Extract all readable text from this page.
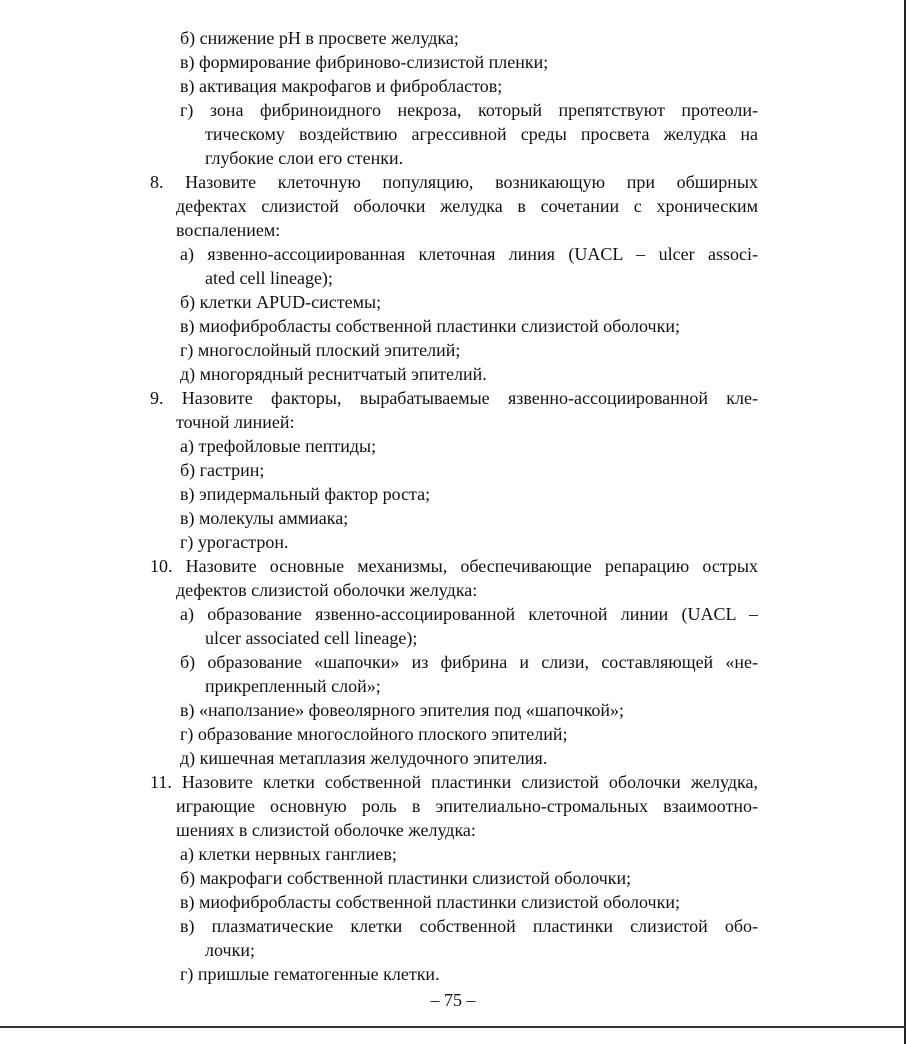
б) снижение рН в просвете желудка;
в) формирование фибриново-слизистой пленки;
в) активация макрофагов и фибробластов;
г) зона фибриноидного некроза, который препятствуют протеоли-
тическому воздействию агрессивной среды просвета желудка на
глубокие слои его стенки.
8. Назовите клеточную популяцию, возникающую при обширных
дефектах слизистой оболочки желудка в сочетании с хроническим
воспалением:
а) язвенно-ассоциированная клеточная линия (UACL – ulcer associ-
ated cell lineage);
б) клетки APUD-системы;
в) миофибробласты собственной пластинки слизистой оболочки;
г) многослойный плоский эпителий;
д) многорядный реснитчатый эпителий.
9. Назовите факторы, вырабатываемые язвенно-ассоциированной кле-
точной линией:
а) трефойловые пептиды;
б) гастрин;
в) эпидермальный фактор роста;
в) молекулы аммиака;
г) урогастрон.
10. Назовите основные механизмы, обеспечивающие репарацию острых
дефектов слизистой оболочки желудка:
а) образование язвенно-ассоциированной клеточной линии (UACL –
ulcer associated cell lineage);
б) образование «шапочки» из фибрина и слизи, составляющей «не-
прикрепленный слой»;
в) «наползание» фовеолярного эпителия под «шапочкой»;
г) образование многослойного плоского эпителий;
д) кишечная метаплазия желудочного эпителия.
11. Назовите клетки собственной пластинки слизистой оболочки желудка,
играющие основную роль в эпителиально-стромальных взаимоотно-
шениях в слизистой оболочке желудка:
а) клетки нервных ганглиев;
б) макрофаги собственной пластинки слизистой оболочки;
в) миофибробласты собственной пластинки слизистой оболочки;
в) плазматические клетки собственной пластинки слизистой обо-
лочки;
г) пришлые гематогенные клетки.
– 75 –
